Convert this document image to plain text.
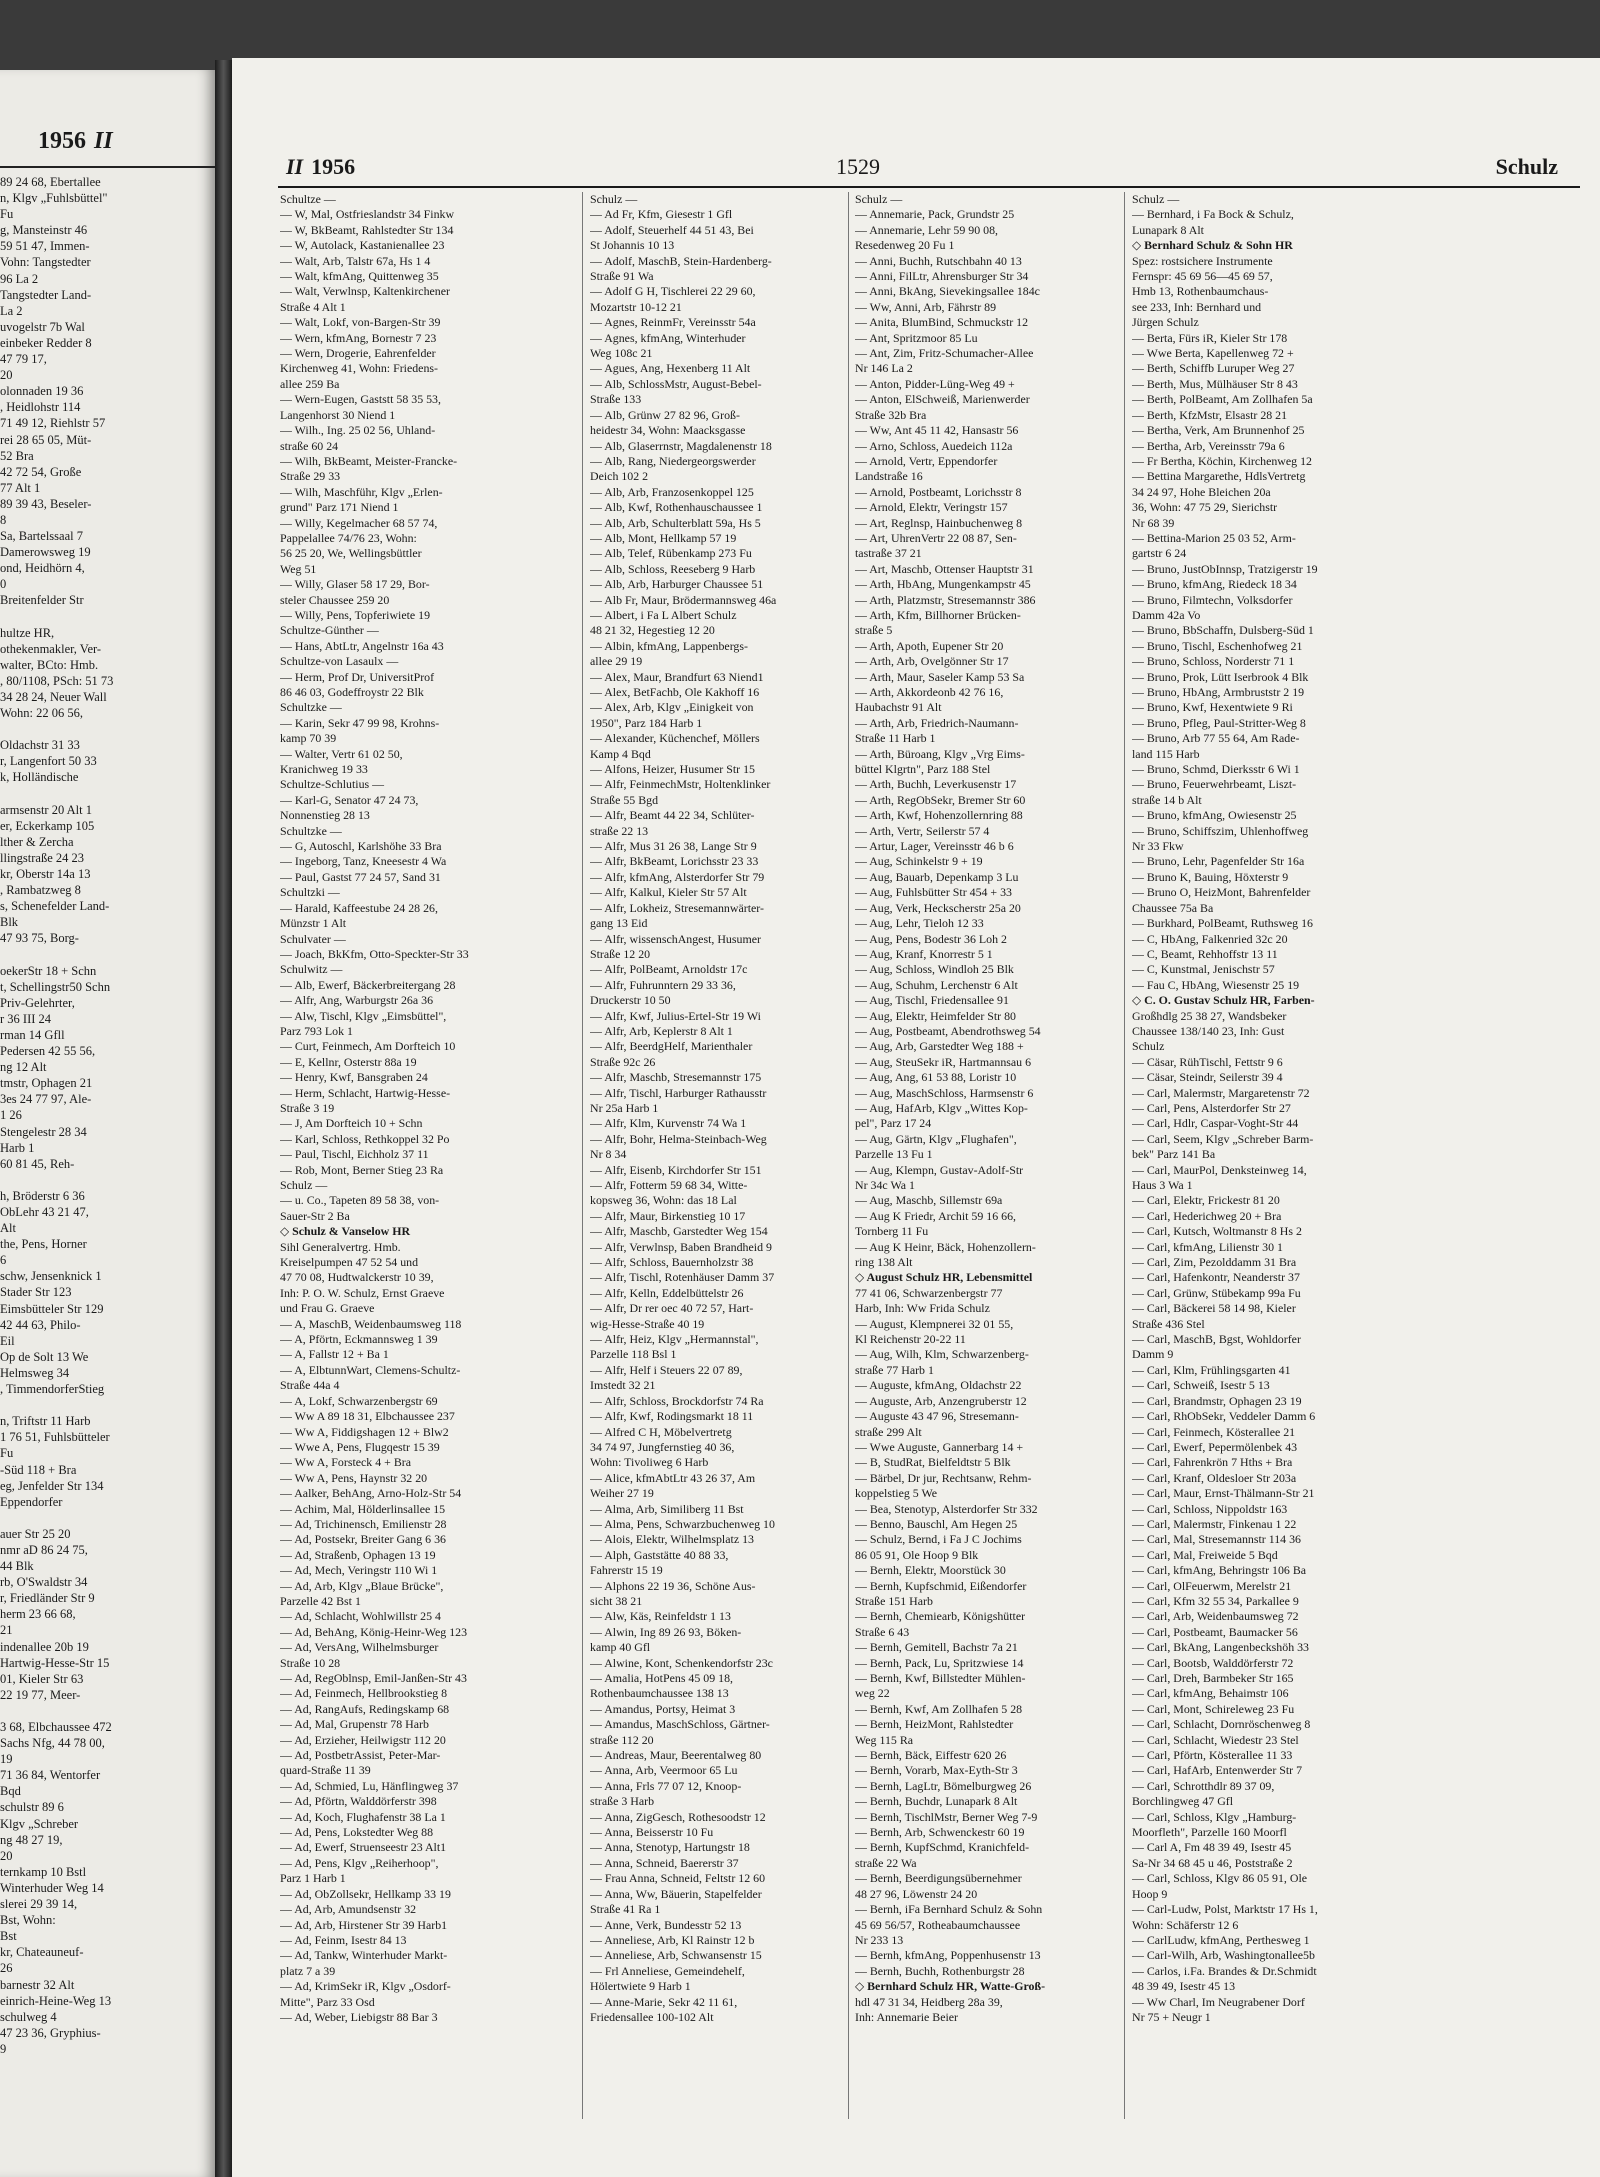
1956 II
89 24 68, Ebertallee
n, Klgv „Fuhlsbüttel"
Fu
g, Mansteinstr 46
59 51 47, Immen-
Vohn: Tangstedter
96 La 2
Tangstedter Land-
La 2
uvogelstr 7b Wal
einbeker Redder 8
47 79 17,
20
olonnaden 19 36
, Heidlohstr 114
71 49 12, Riehlstr 57
rei 28 65 05, Müt-
52 Bra
42 72 54, Große
77 Alt 1
89 39 43, Beseler-
8
Sa, Bartelssaal 7
Damerowsweg 19
ond, Heidhörn 4,
0
Breitenfelder Str

hultze HR,
othekenmakler, Ver-
walter, BCto: Hmb.
, 80/1108, PSch: 51 73
34 28 24, Neuer Wall
Wohn: 22 06 56,

Oldachstr 31 33
r, Langenfort 50 33
k, Holländische

armsenstr 20 Alt 1
er, Eckerkamp 105
lther & Zercha
llingstraße 24 23
kr, Oberstr 14a 13
, Rambatzweg 8
s, Schenefelder Land-
Blk
47 93 75, Borg-

oekerStr 18 + Schn
t, Schellingstr50 Schn
Priv-Gelehrter,
r 36 III 24
rman 14 Gfll
Pedersen 42 55 56,
ng 12 Alt
tmstr, Ophagen 21
3es 24 77 97, Ale-
1 26
Stengelestr 28 34
Harb 1
60 81 45, Reh-

h, Bröderstr 6 36
ObLehr 43 21 47,
Alt
the, Pens, Horner
6
schw, Jensenknick 1
Stader Str 123
Eimsbütteler Str 129
42 44 63, Philo-
Eil
Op de Solt 13 We
Helmsweg 34
, TimmendorferStieg

n, Triftstr 11 Harb
1 76 51, Fuhlsbütteler
Fu
-Süd 118 + Bra
eg, Jenfelder Str 134
Eppendorfer

auer Str 25 20
nmr aD 86 24 75,
44 Blk
rb, O'Swaldstr 34
r, Friedländer Str 9
herm 23 66 68,
21
indenallee 20b 19
Hartwig-Hesse-Str 15
01, Kieler Str 63
22 19 77, Meer-

3 68, Elbchaussee 472
Sachs Nfg, 44 78 00,
19
71 36 84, Wentorfer
Bqd
schulstr 89 6
Klgv „Schreber
ng 48 27 19,
20
ternkamp 10 Bstl
Winterhuder Weg 14
slerei 29 39 14,
Bst, Wohn:
Bst
kr, Chateauneuf-
26
barnestr 32 Alt
einrich-Heine-Weg 13
schulweg 4
47 23 36, Gryphius-
9
II 1956	1529	Schulz
Schultze —
— W, Mal, Ostfrieslandstr 34 Finkw
— W, BkBeamt, Rahlstedter Str 134
— W, Autolack, Kastanienallee 23
— Walt, Arb, Talstr 67a, Hs 1 4
— Walt, kfmAng, Quittenweg 35
— Walt, Verwlnsp, Kaltenkirchener
Straße 4 Alt 1
— Walt, Lokf, von-Bargen-Str 39
— Wern, kfmAng, Bornestr 7 23
— Wern, Drogerie, Eahrenfelder
Kirchenweg 41, Wohn: Friedens-
allee 259 Ba
— Wern-Eugen, Gaststt 58 35 53,
Langenhorst 30 Niend 1
— Wilh., Ing. 25 02 56, Uhland-
straße 60 24
— Wilh, BkBeamt, Meister-Francke-
Straße 29 33
— Wilh, Maschführ, Klgv „Erlen-
grund" Parz 171 Niend 1
— Willy, Kegelmacher 68 57 74,
Pappelallee 74/76 23, Wohn:
56 25 20, We, Wellingsbüttler
Weg 51
— Willy, Glaser 58 17 29, Bor-
steler Chaussee 259 20
— Willy, Pens, Topferiwiete 19
Schultze-Günther —
— Hans, AbtLtr, Angelnstr 16a 43
Schultze-von Lasaulx —
— Herm, Prof Dr, UniversitProf
86 46 03, Godeffroystr 22 Blk
Schultzke —
— Karin, Sekr 47 99 98, Krohns-
kamp 70 39
— Walter, Vertr 61 02 50,
Kranichweg 19 33
Schultze-Schlutius —
— Karl-G, Senator 47 24 73,
Nonnenstieg 28 13
Schultzke —
— G, Autoschl, Karlshöhe 33 Bra
— Ingeborg, Tanz, Kneesestr 4 Wa
— Paul, Gastst 77 24 57, Sand 31
Schultzki —
— Harald, Kaffeestube 24 28 26,
Münzstr 1 Alt
Schulvater —
— Joach, BkKfm, Otto-Speckter-Str 33
Schulwitz —
— Alb, Ewerf, Bäckerbreitergang 28
— Alfr, Ang, Warburgstr 26a 36
— Alw, Tischl, Klgv „Eimsbüttel",
Parz 793 Lok 1
— Curt, Feinmech, Am Dorfteich 10
— E, Kellnr, Osterstr 88a 19
— Henry, Kwf, Bansgraben 24
— Herm, Schlacht, Hartwig-Hesse-
Straße 3 19
— J, Am Dorfteich 10 + Schn
— Karl, Schloss, Rethkoppel 32 Po
— Paul, Tischl, Eichholz 37 11
— Rob, Mont, Berner Stieg 23 Ra
Schulz —
— u. Co., Tapeten 89 58 38, von-
Sauer-Str 2 Ba
◇ Schulz & Vanselow HR
Sihl Generalvertrg. Hmb.
Kreiselpumpen 47 52 54 und
47 70 08, Hudtwalckerstr 10 39,
Inh: P. O. W. Schulz, Ernst Graeve
und Frau G. Graeve
— A, MaschB, Weidenbaumsweg 118
— A, Pförtn, Eckmannsweg 1 39
— A, Fallstr 12 + Ba 1
— A, ElbtunnWart, Clemens-Schultz-
Straße 44a 4
— A, Lokf, Schwarzenbergstr 69
— Ww A 89 18 31, Elbchaussee 237
— Ww A, Fiddigshagen 12 + Blw2
— Wwe A, Pens, Flugqestr 15 39
— Ww A, Forsteck 4 + Bra
— Ww A, Pens, Haynstr 32 20
— Aalker, BehAng, Arno-Holz-Str 54
— Achim, Mal, Hölderlinsallee 15
— Ad, Trichinensch, Emilienstr 28
— Ad, Postsekr, Breiter Gang 6 36
— Ad, Straßenb, Ophagen 13 19
— Ad, Mech, Veringstr 110 Wi 1
— Ad, Arb, Klgv „Blaue Brücke",
Parzelle 42 Bst 1
— Ad, Schlacht, Wohlwillstr 25 4
— Ad, BehAng, König-Heinr-Weg 123
— Ad, VersAng, Wilhelmsburger
Straße 10 28
— Ad, RegOblnsp, Emil-Janßen-Str 43
— Ad, Feinmech, Hellbrookstieg 8
— Ad, RangAufs, Redingskamp 68
— Ad, Mal, Grupenstr 78 Harb
— Ad, Erzieher, Heilwigstr 112 20
— Ad, PostbetrAssist, Peter-Mar-
quard-Straße 11 39
— Ad, Schmied, Lu, Hänflingweg 37
— Ad, Pförtn, Walddörferstr 398
— Ad, Koch, Flughafenstr 38 La 1
— Ad, Pens, Lokstedter Weg 88
— Ad, Ewerf, Struenseestr 23 Alt1
— Ad, Pens, Klgv „Reiherhoop",
Parz 1 Harb 1
— Ad, ObZollsekr, Hellkamp 33 19
— Ad, Arb, Amundsenstr 32
— Ad, Arb, Hirstener Str 39 Harb1
— Ad, Feinm, Isestr 84 13
— Ad, Tankw, Winterhuder Markt-
platz 7 a 39
— Ad, KrimSekr iR, Klgv „Osdorf-
Mitte", Parz 33 Osd
— Ad, Weber, Liebigstr 88 Bar 3
Schulz —
— Ad Fr, Kfm, Giesestr 1 Gfl
— Adolf, Steuerhelf 44 51 43, Bei
St Johannis 10 13
— Adolf, MaschB, Stein-Hardenberg-
Straße 91 Wa
— Adolf G H, Tischlerei 22 29 60,
Mozartstr 10-12 21
— Agnes, ReinmFr, Vereinsstr 54a
— Agnes, kfmAng, Winterhuder
Weg 108c 21
— Agues, Ang, Hexenberg 11 Alt
— Alb, SchlossMstr, August-Bebel-
Straße 133
— Alb, Grünw 27 82 96, Groß-
heidestr 34, Wohn: Maacksgasse
— Alb, Glaserrnstr, Magdalenenstr 18
— Alb, Rang, Niedergeorgswerder
Deich 102 2
— Alb, Arb, Franzosenkoppel 125
— Alb, Kwf, Rothenhauschaussee 1
— Alb, Arb, Schulterblatt 59a, Hs 5
— Alb, Mont, Hellkamp 57 19
— Alb, Telef, Rübenkamp 273 Fu
— Alb, Schloss, Reeseberg 9 Harb
— Alb, Arb, Harburger Chaussee 51
— Alb Fr, Maur, Brödermannsweg 46a
— Albert, i Fa L Albert Schulz
48 21 32, Hegestieg 12 20
— Albin, kfmAng, Lappenbergs-
allee 29 19
— Alex, Maur, Brandfurt 63 Niend1
— Alex, BetFachb, Ole Kakhoff 16
— Alex, Arb, Klgv „Einigkeit von
1950", Parz 184 Harb 1
— Alexander, Küchenchef, Möllers
Kamp 4 Bqd
— Alfons, Heizer, Husumer Str 15
— Alfr, FeinmechMstr, Holtenklinker
Straße 55 Bgd
— Alfr, Beamt 44 22 34, Schlüter-
straße 22 13
— Alfr, Mus 31 26 38, Lange Str 9
— Alfr, BkBeamt, Lorichsstr 23 33
— Alfr, kfmAng, Alsterdorfer Str 79
— Alfr, Kalkul, Kieler Str 57 Alt
— Alfr, Lokheiz, Stresemannwärter-
gang 13 Eid
— Alfr, wissenschAngest, Husumer
Straße 12 20
— Alfr, PolBeamt, Arnoldstr 17c
— Alfr, Fuhrunntern 29 33 36,
Druckerstr 10 50
— Alfr, Kwf, Julius-Ertel-Str 19 Wi
— Alfr, Arb, Keplerstr 8 Alt 1
— Alfr, BeerdgHelf, Marienthaler
Straße 92c 26
— Alfr, Maschb, Stresemannstr 175
— Alfr, Tischl, Harburger Rathausstr
Nr 25a Harb 1
— Alfr, Klm, Kurvenstr 74 Wa 1
— Alfr, Bohr, Helma-Steinbach-Weg
Nr 8 34
— Alfr, Eisenb, Kirchdorfer Str 151
— Alfr, Fotterm 59 68 34, Witte-
kopsweg 36, Wohn: das 18 Lal
— Alfr, Maur, Birkenstieg 10 17
— Alfr, Maschb, Garstedter Weg 154
— Alfr, Verwlnsp, Baben Brandheid 9
— Alfr, Schloss, Bauernholzstr 38
— Alfr, Tischl, Rotenhäuser Damm 37
— Alfr, Kelln, Eddelbüttelstr 26
— Alfr, Dr rer oec 40 72 57, Hart-
wig-Hesse-Straße 40 19
— Alfr, Heiz, Klgv „Hermannstal",
Parzelle 118 Bsl 1
— Alfr, Helf i Steuers 22 07 89,
Imstedt 32 21
— Alfr, Schloss, Brockdorfstr 74 Ra
— Alfr, Kwf, Rodingsmarkt 18 11
— Alfred C H, Möbelvertretg
34 74 97, Jungfernstieg 40 36,
Wohn: Tivoliweg 6 Harb
— Alice, kfmAbtLtr 43 26 37, Am
Weiher 27 19
— Alma, Arb, Similiberg 11 Bst
— Alma, Pens, Schwarzbuchenweg 10
— Alois, Elektr, Wilhelmsplatz 13
— Alph, Gaststätte 40 88 33,
Fahrerstr 15 19
— Alphons 22 19 36, Schöne Aus-
sicht 38 21
— Alw, Käs, Reinfeldstr 1 13
— Alwin, Ing 89 26 93, Böken-
kamp 40 Gfl
— Alwine, Kont, Schenkendorfstr 23c
— Amalia, HotPens 45 09 18,
Rothenbaumchaussee 138 13
— Amandus, Portsy, Heimat 3
— Amandus, MaschSchloss, Gärtner-
straße 112 20
— Andreas, Maur, Beerentalweg 80
— Anna, Arb, Veermoor 65 Lu
— Anna, Frls 77 07 12, Knoop-
straße 3 Harb
— Anna, ZigGesch, Rothesoodstr 12
— Anna, Beisserstr 10 Fu
— Anna, Stenotyp, Hartungstr 18
— Anna, Schneid, Baererstr 37
— Frau Anna, Schneid, Feltstr 12 60
— Anna, Ww, Bäuerin, Stapelfelder
Straße 41 Ra 1
— Anne, Verk, Bundesstr 52 13
— Anneliese, Arb, Kl Rainstr 12 b
— Anneliese, Arb, Schwansenstr 15
— Frl Anneliese, Gemeindehelf,
Hölertwiete 9 Harb 1
— Anne-Marie, Sekr 42 11 61,
Friedensallee 100-102 Alt
Schulz —
— Annemarie, Pack, Grundstr 25
— Annemarie, Lehr 59 90 08,
Resedenweg 20 Fu 1
— Anni, Buchh, Rutschbahn 40 13
— Anni, FilLtr, Ahrensburger Str 34
— Anni, BkAng, Sievekingsallee 184c
— Ww, Anni, Arb, Fährstr 89
— Anita, BlumBind, Schmuckstr 12
— Ant, Spritzmoor 85 Lu
— Ant, Zim, Fritz-Schumacher-Allee
Nr 146 La 2
— Anton, Pidder-Lüng-Weg 49 +
— Anton, ElSchweiß, Marienwerder
Straße 32b Bra
— Ww, Ant 45 11 42, Hansastr 56
— Arno, Schloss, Auedeich 112a
— Arnold, Vertr, Eppendorfer
Landstraße 16
— Arnold, Postbeamt, Lorichsstr 8
— Arnold, Elektr, Veringstr 157
— Art, Reglnsp, Hainbuchenweg 8
— Art, UhrenVertr 22 08 87, Sen-
tastraße 37 21
— Art, Maschb, Ottenser Hauptstr 31
— Arth, HbAng, Mungenkampstr 45
— Arth, Platzmstr, Stresemannstr 386
— Arth, Kfm, Billhorner Brücken-
straße 5
— Arth, Apoth, Eupener Str 20
— Arth, Arb, Ovelgönner Str 17
— Arth, Maur, Saseler Kamp 53 Sa
— Arth, Akkordeonb 42 76 16,
Haubachstr 91 Alt
— Arth, Arb, Friedrich-Naumann-
Straße 11 Harb 1
— Arth, Büroang, Klgv „Vrg Eims-
büttel Klgrtn", Parz 188 Stel
— Arth, Buchh, Leverkusenstr 17
— Arth, RegObSekr, Bremer Str 60
— Arth, Kwf, Hohenzollernring 88
— Arth, Vertr, Seilerstr 57 4
— Artur, Lager, Vereinsstr 46 b 6
— Aug, Schinkelstr 9 + 19
— Aug, Bauarb, Depenkamp 3 Lu
— Aug, Fuhlsbütter Str 454 + 33
— Aug, Verk, Heckscherstr 25a 20
— Aug, Lehr, Tieloh 12 33
— Aug, Pens, Bodestr 36 Loh 2
— Aug, Kranf, Knorrestr 5 1
— Aug, Schloss, Windloh 25 Blk
— Aug, Schuhm, Lerchenstr 6 Alt
— Aug, Tischl, Friedensallee 91
— Aug, Elektr, Heimfelder Str 80
— Aug, Postbeamt, Abendrothsweg 54
— Aug, Arb, Garstedter Weg 188 +
— Aug, SteuSekr iR, Hartmannsau 6
— Aug, Ang, 61 53 88, Loristr 10
— Aug, MaschSchloss, Harmsenstr 6
— Aug, HafArb, Klgv „Wittes Kop-
pel", Parz 17 24
— Aug, Gärtn, Klgv „Flughafen",
Parzelle 13 Fu 1
— Aug, Klempn, Gustav-Adolf-Str
Nr 34c Wa 1
— Aug, Maschb, Sillemstr 69a
— Aug K Friedr, Archit 59 16 66,
Tornberg 11 Fu
— Aug K Heinr, Bäck, Hohenzollern-
ring 138 Alt
◇ August Schulz HR, Lebensmittel
77 41 06, Schwarzenbergstr 77
Harb, Inh: Ww Frida Schulz
— August, Klempnerei 32 01 55,
Kl Reichenstr 20-22 11
— Aug, Wilh, Klm, Schwarzenberg-
straße 77 Harb 1
— Auguste, kfmAng, Oldachstr 22
— Auguste, Arb, Anzengruberstr 12
— Auguste 43 47 96, Stresemann-
straße 299 Alt
— Wwe Auguste, Gannerbarg 14 +
— B, StudRat, Bielfeldtstr 5 Blk
— Bärbel, Dr jur, Rechtsanw, Rehm-
koppelstieg 5 We
— Bea, Stenotyp, Alsterdorfer Str 332
— Benno, Bauschl, Am Hegen 25
— Schulz, Bernd, i Fa J C Jochims
86 05 91, Ole Hoop 9 Blk
— Bernh, Elektr, Moorstück 30
— Bernh, Kupfschmid, Eißendorfer
Straße 151 Harb
— Bernh, Chemiearb, Königshütter
Straße 6 43
— Bernh, Gemitell, Bachstr 7a 21
— Bernh, Pack, Lu, Spritzwiese 14
— Bernh, Kwf, Billstedter Mühlen-
weg 22
— Bernh, Kwf, Am Zollhafen 5 28
— Bernh, HeizMont, Rahlstedter
Weg 115 Ra
— Bernh, Bäck, Eiffestr 620 26
— Bernh, Vorarb, Max-Eyth-Str 3
— Bernh, LagLtr, Bömelburgweg 26
— Bernh, Buchdr, Lunapark 8 Alt
— Bernh, TischlMstr, Berner Weg 7-9
— Bernh, Arb, Schwenckestr 60 19
— Bernh, KupfSchmd, Kranichfeld-
straße 22 Wa
— Bernh, Beerdigungsübernehmer
48 27 96, Löwenstr 24 20
— Bernh, iFa Bernhard Schulz & Sohn
45 69 56/57, Rotheabaumchaussee
Nr 233 13
— Bernh, kfmAng, Poppenhusenstr 13
— Bernh, Buchh, Rothenburgstr 28
◇ Bernhard Schulz HR, Watte-Groß-
hdl 47 31 34, Heidberg 28a 39,
Inh: Annemarie Beier
Schulz —
— Bernhard, i Fa Bock & Schulz,
Lunapark 8 Alt
◇ Bernhard Schulz & Sohn HR
Spez: rostsichere Instrumente
Fernspr: 45 69 56—45 69 57,
Hmb 13, Rothenbaumchaus-
see 233, Inh: Bernhard und
Jürgen Schulz
— Berta, Fürs iR, Kieler Str 178
— Wwe Berta, Kapellenweg 72 +
— Berth, Schiffb Luruper Weg 27
— Berth, Mus, Mülhäuser Str 8 43
— Berth, PolBeamt, Am Zollhafen 5a
— Berth, KfzMstr, Elsastr 28 21
— Bertha, Verk, Am Brunnenhof 25
— Bertha, Arb, Vereinsstr 79a 6
— Fr Bertha, Köchin, Kirchenweg 12
— Bettina Margarethe, HdlsVertretg
34 24 97, Hohe Bleichen 20a
36, Wohn: 47 75 29, Sierichstr
Nr 68 39
— Bettina-Marion 25 03 52, Arm-
gartstr 6 24
— Bruno, JustObInnsp, Tratzigerstr 19
— Bruno, kfmAng, Riedeck 18 34
— Bruno, Filmtechn, Volksdorfer
Damm 42a Vo
— Bruno, BbSchaffn, Dulsberg-Süd 1
— Bruno, Tischl, Eschenhofweg 21
— Bruno, Schloss, Norderstr 71 1
— Bruno, Prok, Lütt Iserbrook 4 Blk
— Bruno, HbAng, Armbruststr 2 19
— Bruno, Kwf, Hexentwiete 9 Ri
— Bruno, Pfleg, Paul-Stritter-Weg 8
— Bruno, Arb 77 55 64, Am Rade-
land 115 Harb
— Bruno, Schmd, Dierksstr 6 Wi 1
— Bruno, Feuerwehrbeamt, Liszt-
straße 14 b Alt
— Bruno, kfmAng, Owiesenstr 25
— Bruno, Schiffszim, Uhlenhoffweg
Nr 33 Fkw
— Bruno, Lehr, Pagenfelder Str 16a
— Bruno K, Bauing, Höxterstr 9
— Bruno O, HeizMont, Bahrenfelder
Chaussee 75a Ba
— Burkhard, PolBeamt, Ruthsweg 16
— C, HbAng, Falkenried 32c 20
— C, Beamt, Rehhoffstr 13 11
— C, Kunstmal, Jenischstr 57
— Fau C, HbAng, Wiesenstr 25 19
◇ C. O. Gustav Schulz HR, Farben-
Großhdlg 25 38 27, Wandsbeker
Chaussee 138/140 23, Inh: Gust
Schulz
— Cäsar, RühTischl, Fettstr 9 6
— Cäsar, Steindr, Seilerstr 39 4
— Carl, Malermstr, Margaretenstr 72
— Carl, Pens, Alsterdorfer Str 27
— Carl, Hdlr, Caspar-Voght-Str 44
— Carl, Seem, Klgv „Schreber Barm-
bek" Parz 141 Ba
— Carl, MaurPol, Denksteinweg 14,
Haus 3 Wa 1
— Carl, Elektr, Frickestr 81 20
— Carl, Hederichweg 20 + Bra
— Carl, Kutsch, Woltmanstr 8 Hs 2
— Carl, kfmAng, Lilienstr 30 1
— Carl, Zim, Pezolddamm 31 Bra
— Carl, Hafenkontr, Neanderstr 37
— Carl, Grünw, Stübekamp 99a Fu
— Carl, Bäckerei 58 14 98, Kieler
Straße 436 Stel
— Carl, MaschB, Bgst, Wohldorfer
Damm 9
— Carl, Klm, Frühlingsgarten 41
— Carl, Schweiß, Isestr 5 13
— Carl, Brandmstr, Ophagen 23 19
— Carl, RhObSekr, Veddeler Damm 6
— Carl, Feinmech, Kösterallee 21
— Carl, Ewerf, Pepermölenbek 43
— Carl, Fahrenkrön 7 Hths + Bra
— Carl, Kranf, Oldesloer Str 203a
— Carl, Maur, Ernst-Thälmann-Str 21
— Carl, Schloss, Nippoldstr 163
— Carl, Malermstr, Finkenau 1 22
— Carl, Mal, Stresemannstr 114 36
— Carl, Mal, Freiweide 5 Bqd
— Carl, kfmAng, Behringstr 106 Ba
— Carl, OlFeuerwm, Merelstr 21
— Carl, Kfm 32 55 34, Parkallee 9
— Carl, Arb, Weidenbaumsweg 72
— Carl, Postbeamt, Baumacker 56
— Carl, BkAng, Langenbeckshöh 33
— Carl, Bootsb, Walddörferstr 72
— Carl, Dreh, Barmbeker Str 165
— Carl, kfmAng, Behaimstr 106
— Carl, Mont, Schireleweg 23 Fu
— Carl, Schlacht, Dornröschenweg 8
— Carl, Schlacht, Wiedestr 23 Stel
— Carl, Pförtn, Kösterallee 11 33
— Carl, HafArb, Entenwerder Str 7
— Carl, Schrotthdlr 89 37 09,
Borchlingweg 47 Gfl
— Carl, Schloss, Klgv „Hamburg-
Moorfleth", Parzelle 160 Moorfl
— Carl A, Fm 48 39 49, Isestr 45
Sa-Nr 34 68 45 u 46, Poststraße 2
— Carl, Schloss, Klgv 86 05 91, Ole
Hoop 9
— Carl-Ludw, Polst, Marktstr 17 Hs 1,
Wohn: Schäferstr 12 6
— CarlLudw, kfmAng, Perthesweg 1
— Carl-Wilh, Arb, Washingtonallee5b
— Carlos, i.Fa. Brandes & Dr.Schmidt
48 39 49, Isestr 45 13
— Ww Charl, Im Neugrabener Dorf
Nr 75 + Neugr 1
